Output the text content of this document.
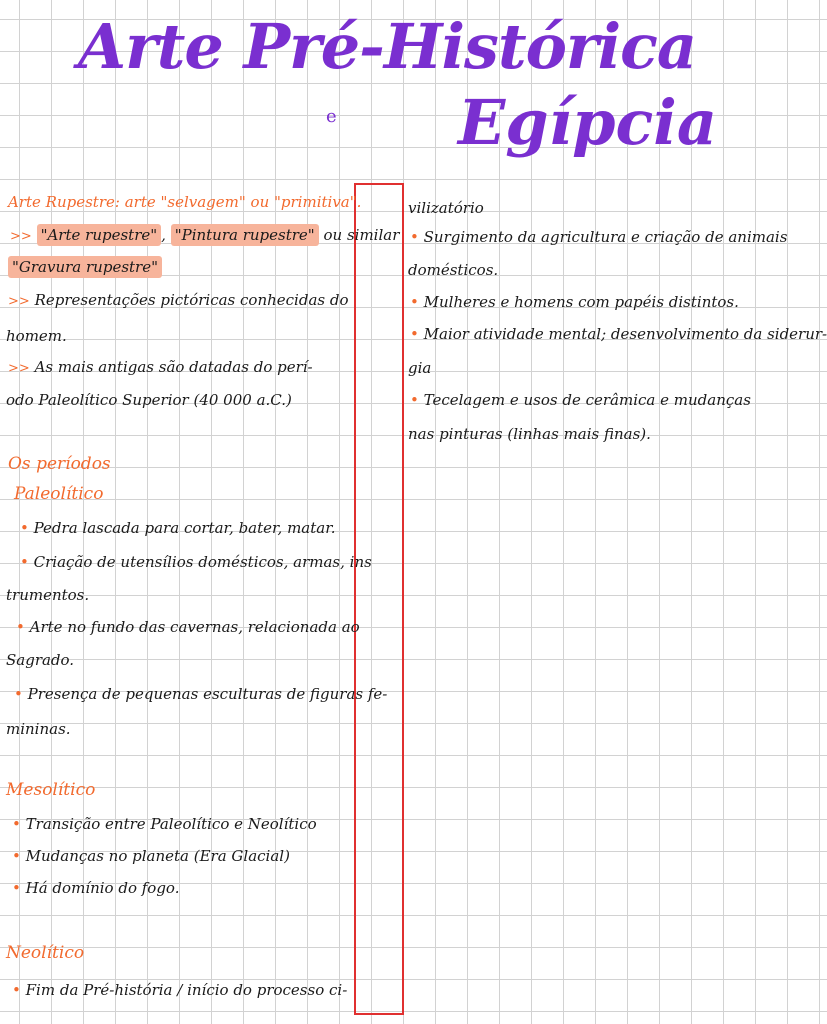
Arte Pré-Histórica
e Egípcia
Arte Rupestre: arte "selvagem" ou "primitiva".
>> "Arte rupestre" , "Pintura rupestre" ou similar
"Gravura rupestre"
>> Representações pictóricas conhecidas do
homem.
>> As mais antigas são datadas do perí-
odo Paleolítico Superior (40 000 a.C.)
Os períodos
Paleolítico
• Pedra lascada para cortar, bater, matar.
• Criação de utensílios domésticos, armas, ins
trumentos.
• Arte no fundo das cavernas, relacionada ao
Sagrado.
• Presença de pequenas esculturas de figuras fe-
mininas.
Mesolítico
• Transição entre Paleolítico e Neolítico
• Mudanças no planeta (Era Glacial)
• Há domínio do fogo.
Neolítico
• Fim da Pré-história / início do processo ci-
vilizatório
• Surgimento da agricultura e criação de animais
domésticos.
• Mulheres e homens com papéis distintos.
• Maior atividade mental; desenvolvimento da siderur-
gia
• Tecelagem e usos de cerâmica e mudanças
nas pinturas (linhas mais finas).
